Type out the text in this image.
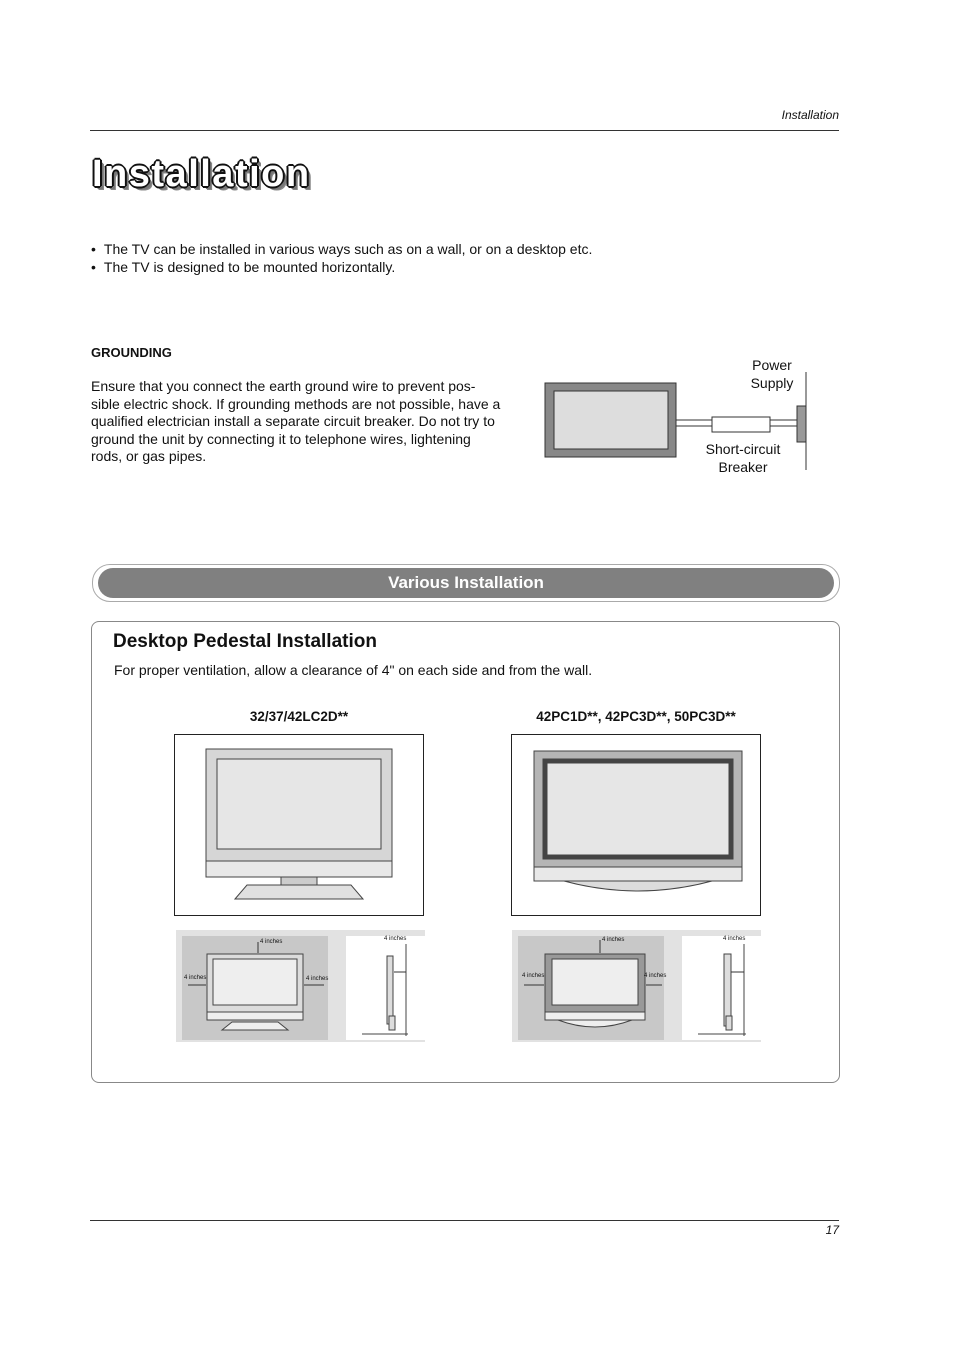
Installation
Installation
• The TV can be installed in various ways such as on a wall, or on a desktop etc.
• The TV is designed to be mounted horizontally.
GROUNDING
Ensure that you connect the earth ground wire to prevent pos-sible electric shock. If grounding methods are not possible, have a qualified electrician install a separate circuit breaker. Do not try to ground the unit by connecting it to telephone wires, lightening rods, or gas pipes.
Power
Supply
Short-circuit
Breaker
Various Installation
Desktop Pedestal Installation
For proper ventilation, allow a clearance of 4" on each side and from the wall.
32/37/42LC2D**	42PC1D**, 42PC3D**, 50PC3D**
4 inches
4 inches	4 inches
4 inches	4 inches
4 inches	4 inches
4 inches
17
